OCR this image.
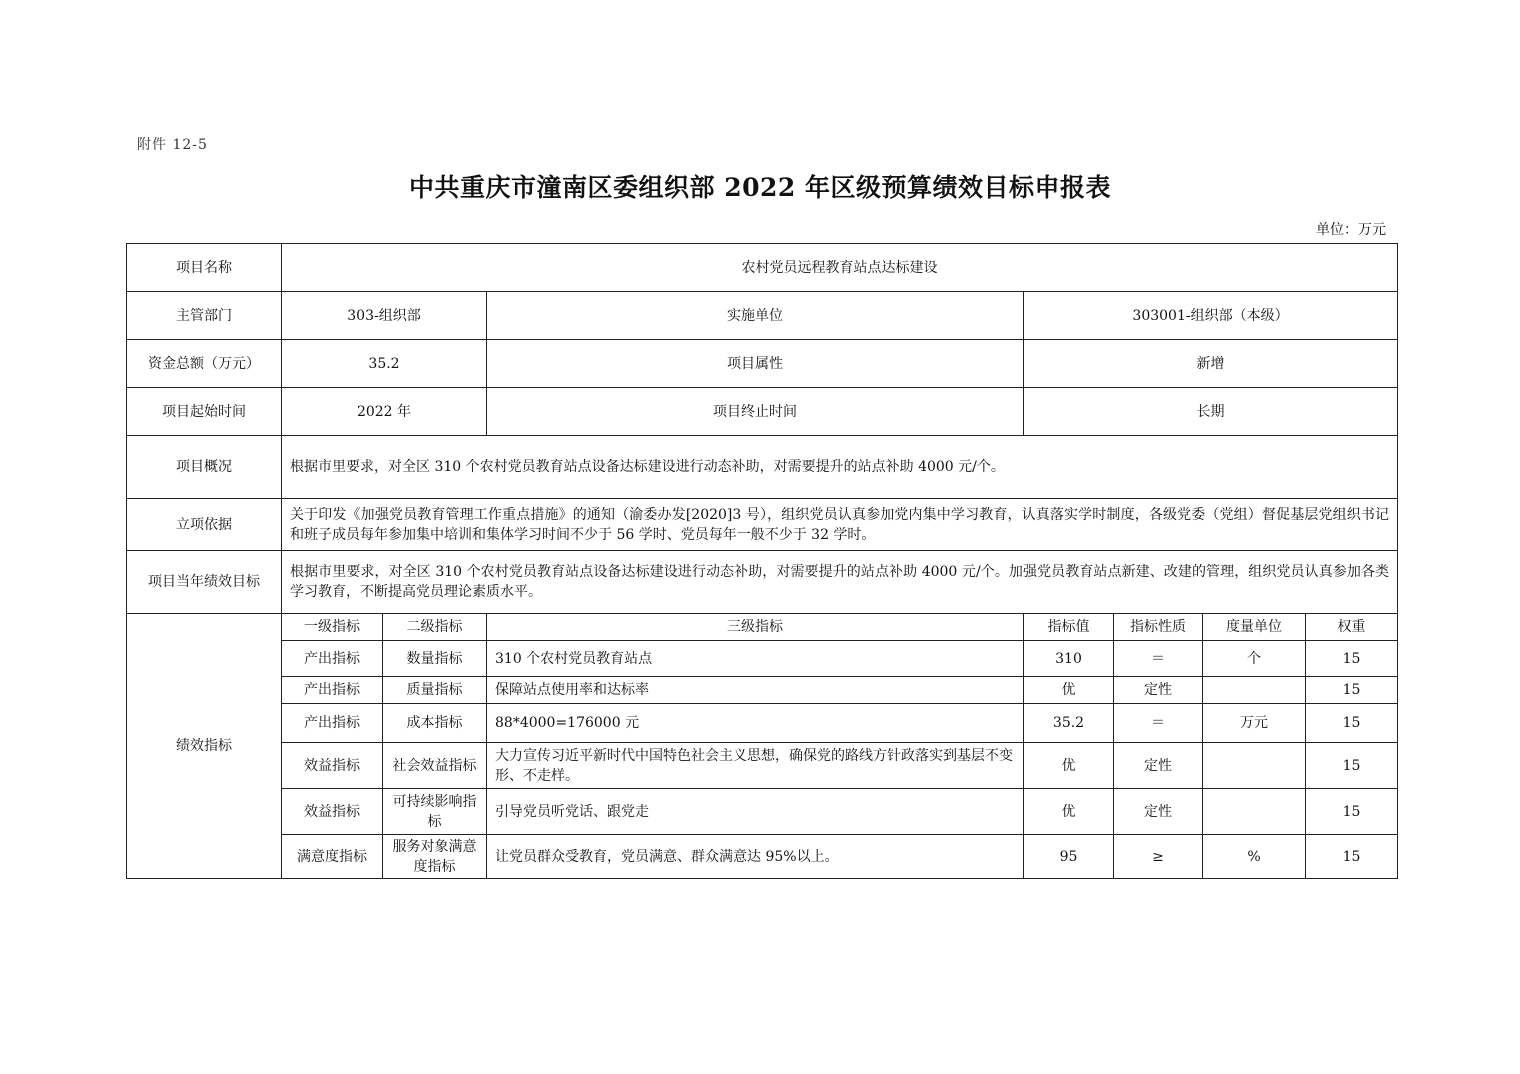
附件 12-5
中共重庆市潼南区委组织部 2022 年区级预算绩效目标申报表
单位：万元
项目名称	农村党员远程教育站点达标建设						
主管部门	303-组织部		实施单位	303001-组织部（本级）			
资金总额（万元）	35.2		项目属性	新增			
项目起始时间	2022 年		项目终止时间	长期			
项目概况	根据市里要求，对全区 310 个农村党员教育站点设备达标建设进行动态补助，对需要提升的站点补助 4000 元/个。						
立项依据	关于印发《加强党员教育管理工作重点措施》的通知（渝委办发[2020]3 号），组织党员认真参加党内集中学习教育，认真落实学时制度，各级党委（党组）督促基层党组织书记和班子成员每年参加集中培训和集体学习时间不少于 56 学时、党员每年一般不少于 32 学时。						
项目当年绩效目标	根据市里要求，对全区 310 个农村党员教育站点设备达标建设进行动态补助，对需要提升的站点补助 4000 元/个。加强党员教育站点新建、改建的管理，组织党员认真参加各类学习教育，不断提高党员理论素质水平。						
绩效指标	一级指标	二级指标	三级指标	指标值	指标性质	度量单位	权重
	产出指标	数量指标	310 个农村党员教育站点	310	＝	个	15
	产出指标	质量指标	保障站点使用率和达标率	优	定性		15
	产出指标	成本指标	88*4000=176000 元	35.2	＝	万元	15
	效益指标	社会效益指标	大力宣传习近平新时代中国特色社会主义思想，确保党的路线方针政落实到基层不变形、不走样。	优	定性		15
	效益指标	可持续影响指标	引导党员听党话、跟党走	优	定性		15
	满意度指标	服务对象满意度指标	让党员群众受教育，党员满意、群众满意达 95%以上。	95	≥	%	15
